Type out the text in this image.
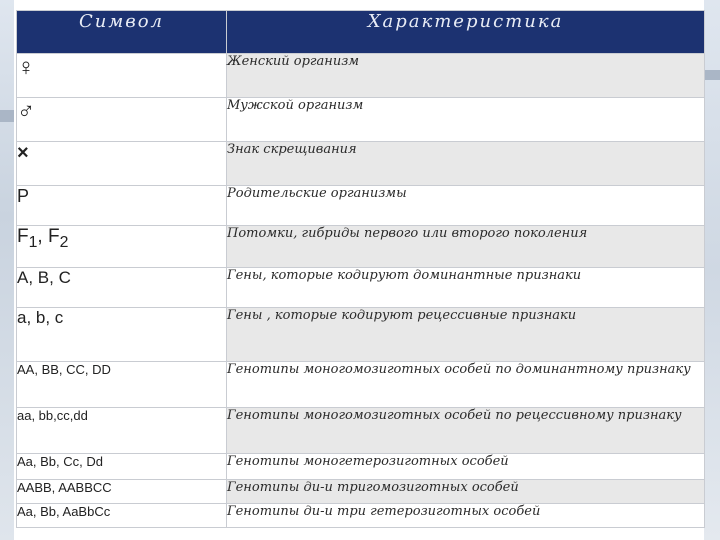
Символ	Характеристика
♀	Женский организм
♂	Мужской организм
×	Знак скрещивания
P	Родительские организмы
$F_1$, $F_2$	Потомки, гибриды первого или второго поколения
A, B, C	Гены, которые кодируют доминантные признаки
a, b, c	Гены , которые кодируют рецессивные признаки
AA, BB, CC, DD	Генотипы моногомозиготных особей по доминантному признаку
aa, bb,cc,dd	Генотипы моногомозиготных особей по рецессивному признаку
Aa, Bb, Cc, Dd	Генотипы моногетерозиготных особей
AABB, AABBCC	Генотипы ди-и тригомозиготных особей
Aa, Bb, AaBbCc	Генотипы ди-и три гетерозиготных особей
